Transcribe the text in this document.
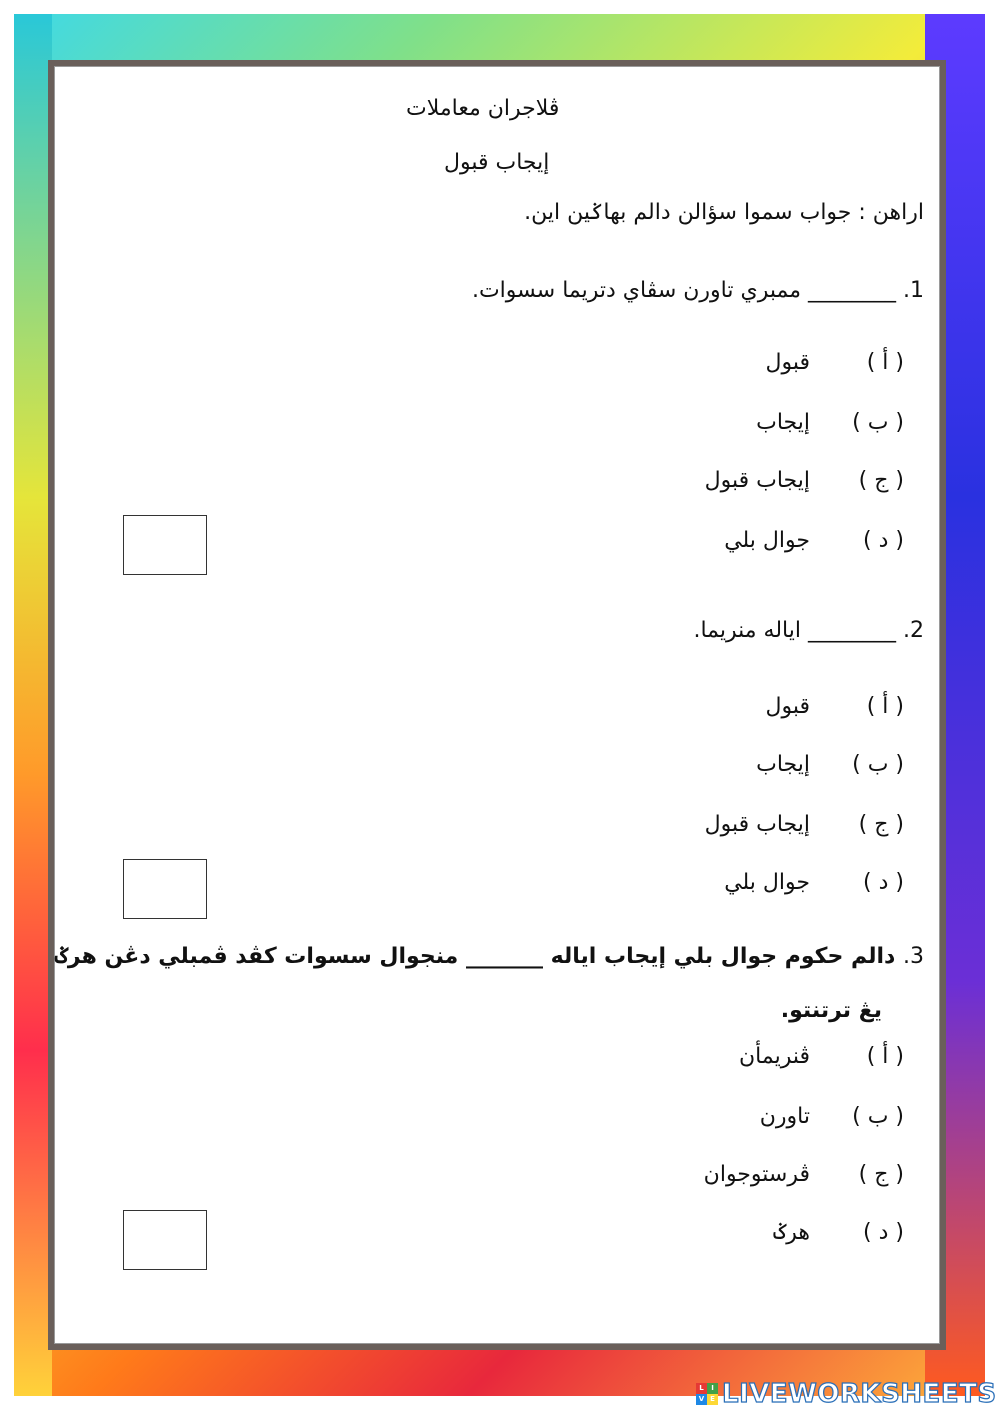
ڤلاجران معاملات
إيجاب قبول
اراهن : جواب سموا سؤالن دالم بهاݢين اين.
1. ________ ممبري تاورن سڤاي دتريما سسوات.
( أ )
قبول
( ب )
إيجاب
( ج )
إيجاب قبول
( د )
جوال بلي
2. ________ اياله منريما.
( أ )
قبول
( ب )
إيجاب
( ج )
إيجاب قبول
( د )
جوال بلي
3. دالم حکوم جوال بلي إيجاب اياله _______ منجوال سسوات کڤد ڤمبلي دڠن هرݢ
يڠ ترتنتو.
( أ )
ڤنريمأن
( ب )
تاورن
( ج )
ڤرستوجوان
( د )
هرݢ
L	I
V E LIVEWORKSHEETS
